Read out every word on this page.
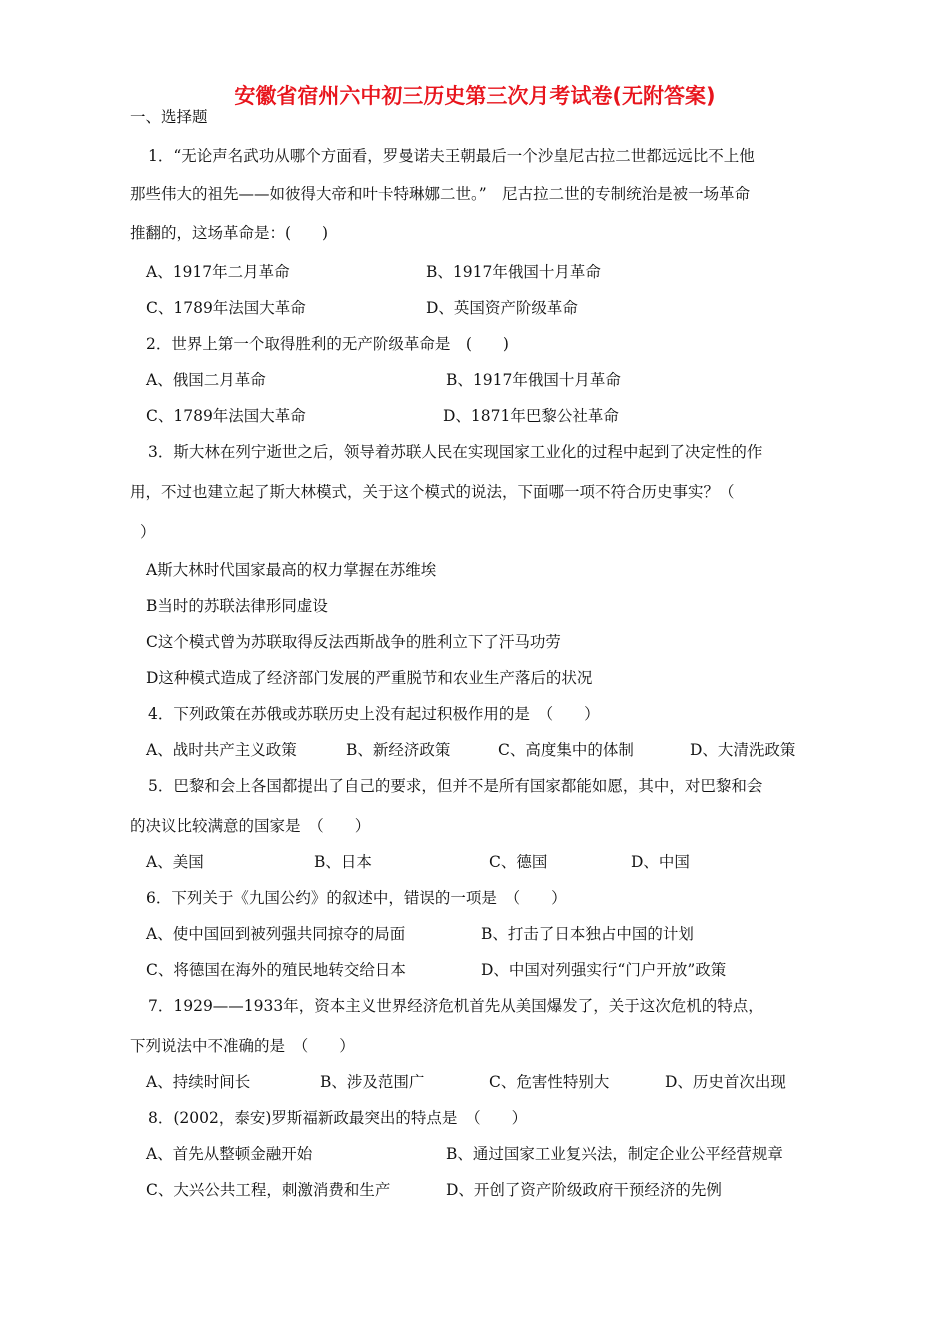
安徽省宿州六中初三历史第三次月考试卷(无附答案)
一、选择题
1．“无论声名武功从哪个方面看，罗曼诺夫王朝最后一个沙皇尼古拉二世都远远比不上他
那些伟大的祖先——如彼得大帝和叶卡特琳娜二世。”　尼古拉二世的专制统治是被一场革命
推翻的，这场革命是：(　　)
A、1917年二月革命	B、1917年俄国十月革命
C、1789年法国大革命	D、英国资产阶级革命
2．世界上第一个取得胜利的无产阶级革命是　(　　)
A、俄国二月革命	B、1917年俄国十月革命
C、1789年法国大革命	D、1871年巴黎公社革命
3．斯大林在列宁逝世之后，领导着苏联人民在实现国家工业化的过程中起到了决定性的作
用，不过也建立起了斯大林模式，关于这个模式的说法，下面哪一项不符合历史事实？（
）
A斯大林时代国家最高的权力掌握在苏维埃
B当时的苏联法律形同虚设
C这个模式曾为苏联取得反法西斯战争的胜利立下了汗马功劳
D这种模式造成了经济部门发展的严重脱节和农业生产落后的状况
4．下列政策在苏俄或苏联历史上没有起过积极作用的是　（　　）
A、战时共产主义政策	B、新经济政策	C、高度集中的体制	D、大清洗政策
5．巴黎和会上各国都提出了自己的要求，但并不是所有国家都能如愿，其中，对巴黎和会
的决议比较满意的国家是　（　　）
A、美国	B、日本	C、德国	D、中国
6．下列关于《九国公约》的叙述中，错误的一项是　（　　）
A、使中国回到被列强共同掠夺的局面	B、打击了日本独占中国的计划
C、将德国在海外的殖民地转交给日本	D、中国对列强实行“门户开放”政策
7．1929——1933年，资本主义世界经济危机首先从美国爆发了，关于这次危机的特点，
下列说法中不准确的是　（　　）
A、持续时间长	B、涉及范围广	C、危害性特别大	D、历史首次出现
8．(2002，泰安)罗斯福新政最突出的特点是　（　　）
A、首先从整顿金融开始	B、通过国家工业复兴法，制定企业公平经营规章
C、大兴公共工程，刺激消费和生产	D、开创了资产阶级政府干预经济的先例
